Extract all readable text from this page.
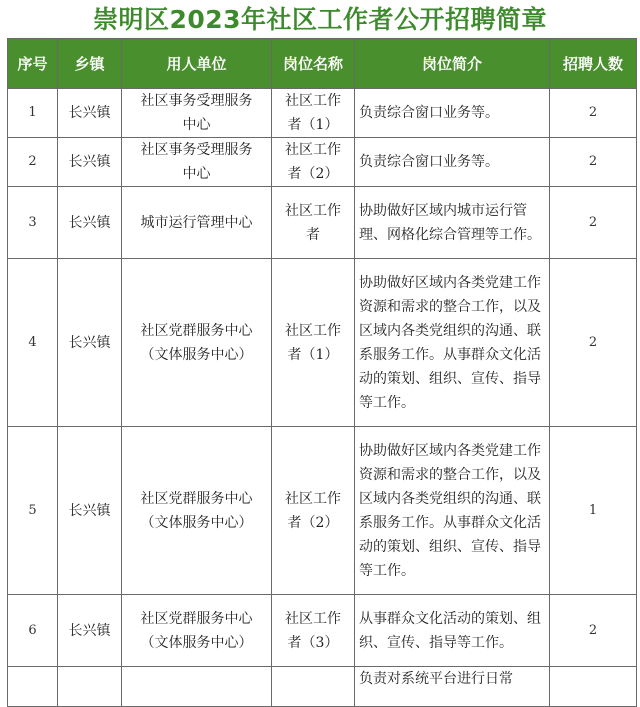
崇明区2023年社区工作者公开招聘简章
序号	乡镇	用人单位	岗位名称	岗位简介	招聘人数
1	长兴镇	社区事务受理服务中心	社区工作者（1）	负责综合窗口业务等。	2
2	长兴镇	社区事务受理服务中心	社区工作者（2）	负责综合窗口业务等。	2
3	长兴镇	城市运行管理中心	社区工作者	协助做好区域内城市运行管理、网格化综合管理等工作。	2
4	长兴镇	社区党群服务中心（文体服务中心）	社区工作者（1）	协助做好区域内各类党建工作资源和需求的整合工作，以及区域内各类党组织的沟通、联系服务工作。从事群众文化活动的策划、组织、宣传、指导等工作。	2
5	长兴镇	社区党群服务中心（文体服务中心）	社区工作者（2）	协助做好区域内各类党建工作资源和需求的整合工作，以及区域内各类党组织的沟通、联系服务工作。从事群众文化活动的策划、组织、宣传、指导等工作。	1
6	长兴镇	社区党群服务中心（文体服务中心）	社区工作者（3）	从事群众文化活动的策划、组织、宣传、指导等工作。	2
				负责对系统平台进行日常	
